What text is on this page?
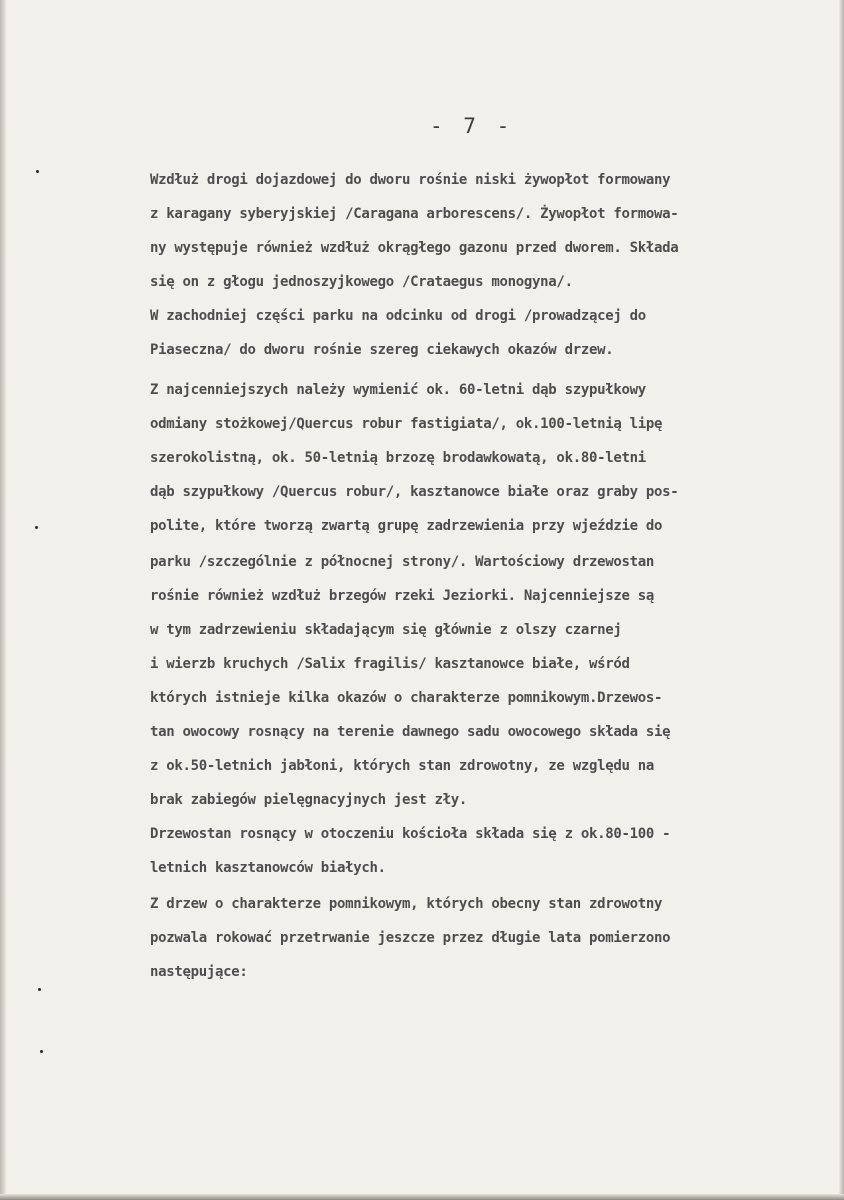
- 7 -
Wzdłuż drogi dojazdowej do dworu rośnie niski żywopłot formowany
z karagany syberyjskiej /Caragana arborescens/. Żywopłot formowa-
ny występuje również wzdłuż okrągłego gazonu przed dworem. Składa
się on z głogu jednoszyjkowego /Crataegus monogyna/.
W zachodniej części parku na odcinku od drogi /prowadzącej do
Piaseczna/ do dworu rośnie szereg ciekawych okazów drzew.
Z najcenniejszych należy wymienić ok. 60-letni dąb szypułkowy
odmiany stożkowej/Quercus robur fastigiata/, ok.100-letnią lipę
szerokolistną, ok. 50-letnią brzozę brodawkowatą, ok.80-letni
dąb szypułkowy /Quercus robur/, kasztanowce białe oraz graby pos-
polite, które tworzą zwartą grupę zadrzewienia przy wjeździe do
parku /szczególnie z północnej strony/. Wartościowy drzewostan
rośnie również wzdłuż brzegów rzeki Jeziorki. Najcenniejsze są
w tym zadrzewieniu składającym się głównie z olszy czarnej
i wierzb kruchych /Salix fragilis/ kasztanowce białe, wśród
których istnieje kilka okazów o charakterze pomnikowym.Drzewos-
tan owocowy rosnący na terenie dawnego sadu owocowego składa się
z ok.50-letnich jabłoni, których stan zdrowotny, ze względu na
brak zabiegów pielęgnacyjnych jest zły.
Drzewostan rosnący w otoczeniu kościoła składa się z ok.80-100 -
letnich kasztanowców białych.
Z drzew o charakterze pomnikowym, których obecny stan zdrowotny
pozwala rokować przetrwanie jeszcze przez długie lata pomierzono
następujące:
